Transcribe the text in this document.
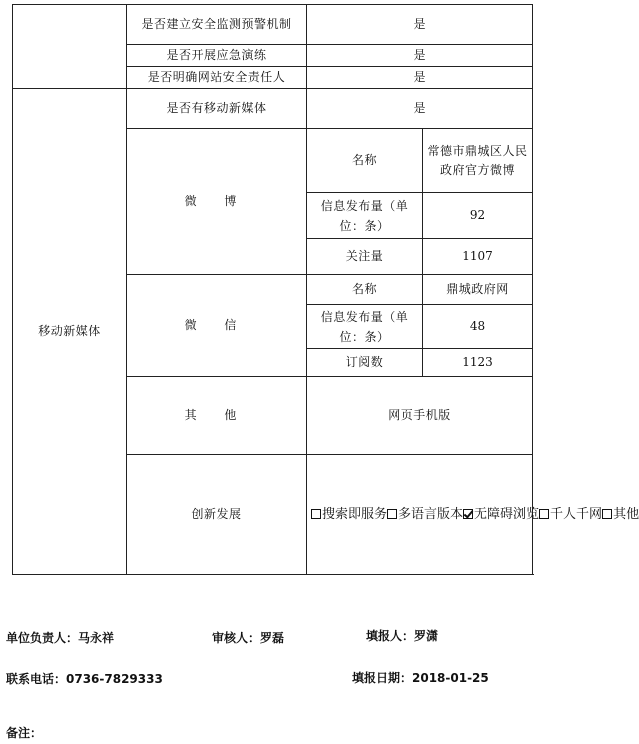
	是否建立安全监测预警机制	是	
	是否开展应急演练	是	
	是否明确网站安全责任人	是	
移动新媒体	是否有移动新媒体	是	
	微 博	名称	常德市鼎城区人民政府官方微博
		信息发布量（单位：条）	92
		关注量	1107
	微 信	名称	鼎城政府网
		信息发布量（单位：条）	48
		订阅数	1123
	其 他	网页手机版	
	创新发展	搜索即服务 多语言版本 无障碍浏览 千人千网 其他	
单位负责人：马永祥	审核人：罗磊	填报人：罗潇
联系电话：0736-7829333	填报日期：2018-01-25
备注：
